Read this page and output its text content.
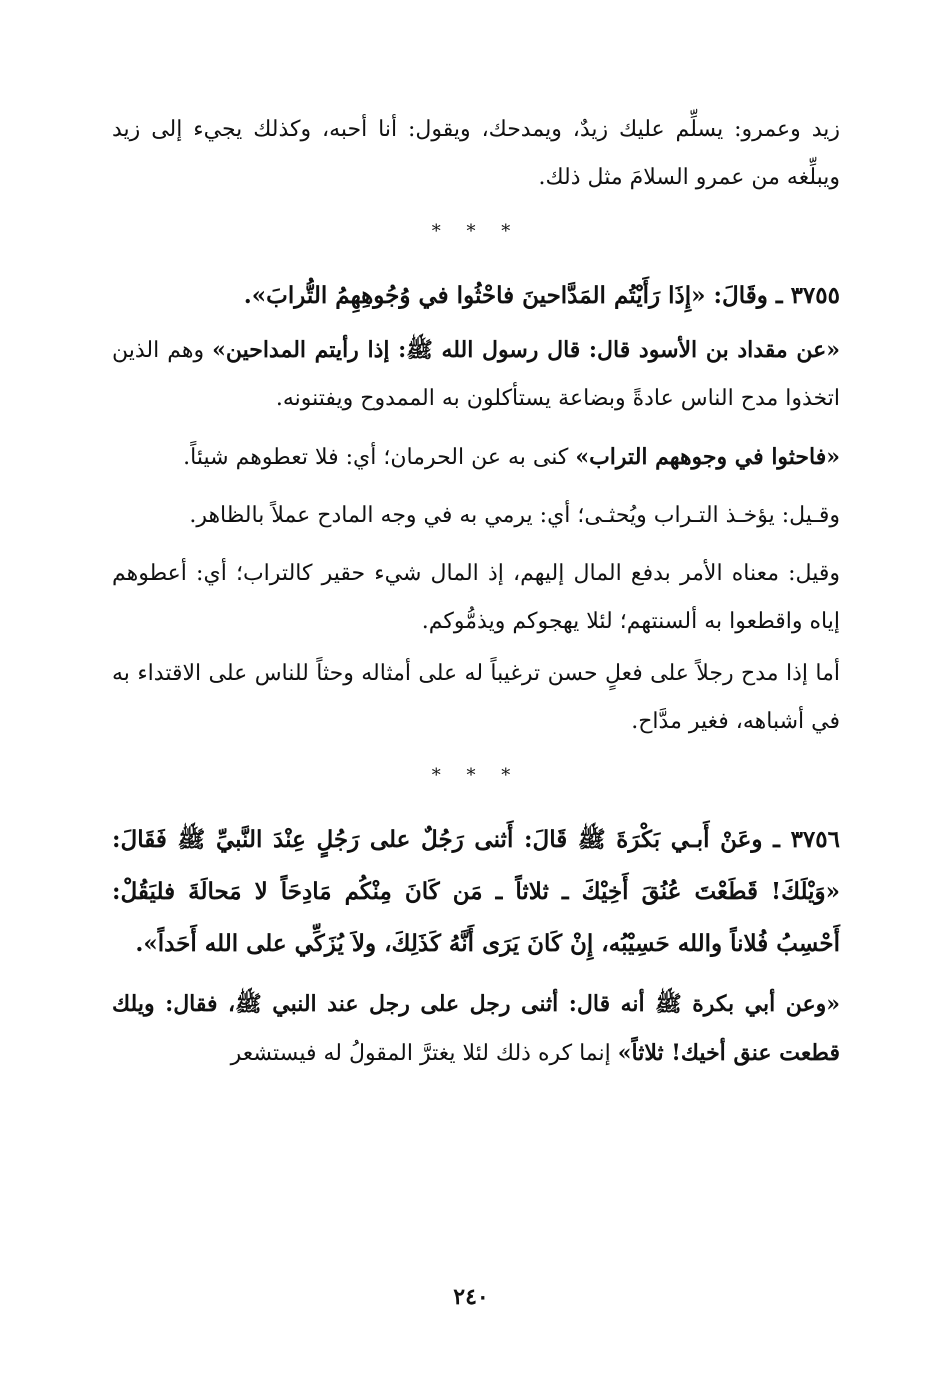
زيد وعمرو: يسلِّم عليك زيدٌ، ويمدحك، ويقول: أنا أحبه، وكذلك يجيء إلى زيد ويبلِّغه من عمرو السلامَ مثل ذلك.

* * *

٣٧٥٥ ـ وقَالَ: «إِذَا رَأَيْتُم المَدَّاحينَ فاحْثُوا في وُجُوهِهِمُ التُّرابَ».

«عن مقداد بن الأسود قال: قال رسول الله ﷺ: إذا رأيتم المداحين» وهم الذين اتخذوا مدح الناس عادةً وبضاعة يستأكلون به الممدوح ويفتنونه.

«فاحثوا في وجوههم التراب» كنى به عن الحرمان؛ أي: فلا تعطوهم شيئاً.

وقـيل: يؤخـذ التـراب ويُحثـى؛ أي: يرمي به في وجه المادح عملاً بالظاهر.

وقيل: معناه الأمر بدفع المال إليهم، إذ المال شيء حقير كالتراب؛ أي: أعطوهم إياه واقطعوا به ألسنتهم؛ لئلا يهجوكم ويذمُّوكم.

أما إذا مدح رجلاً على فعلٍ حسن ترغيباً له على أمثاله وحثاً للناس على الاقتداء به في أشباهه، فغير مدَّاح.

* * *

٣٧٥٦ ـ وعَنْ أَبـي بَكْرَةَ ﷺ قَالَ: أَثنى رَجُلٌ على رَجُلٍ عِنْدَ النَّبيِّ ﷺ فَقَالَ: «وَيْلَكَ! قَطَعْتَ عُنُقَ أَخِيْكَ ـ ثلاثاً ـ مَن كَانَ مِنْكُم مَادِحَاً لا مَحالَةَ فليَقُلْ: أَحْسِبُ فُلاناً والله حَسِيْبُه، إِنْ كَانَ يَرَى أَنَّهُ كَذَلِكَ، ولاَ يُزَكِّي على الله أَحَداً».

«وعن أبي بكرة ﷺ أنه قال: أثنى رجل على رجل عند النبي ﷺ، فقال: ويلك قطعت عنق أخيك! ثلاثاً» إنما كره ذلك لئلا يغترَّ المقولُ له فيستشعر

٢٤٠
